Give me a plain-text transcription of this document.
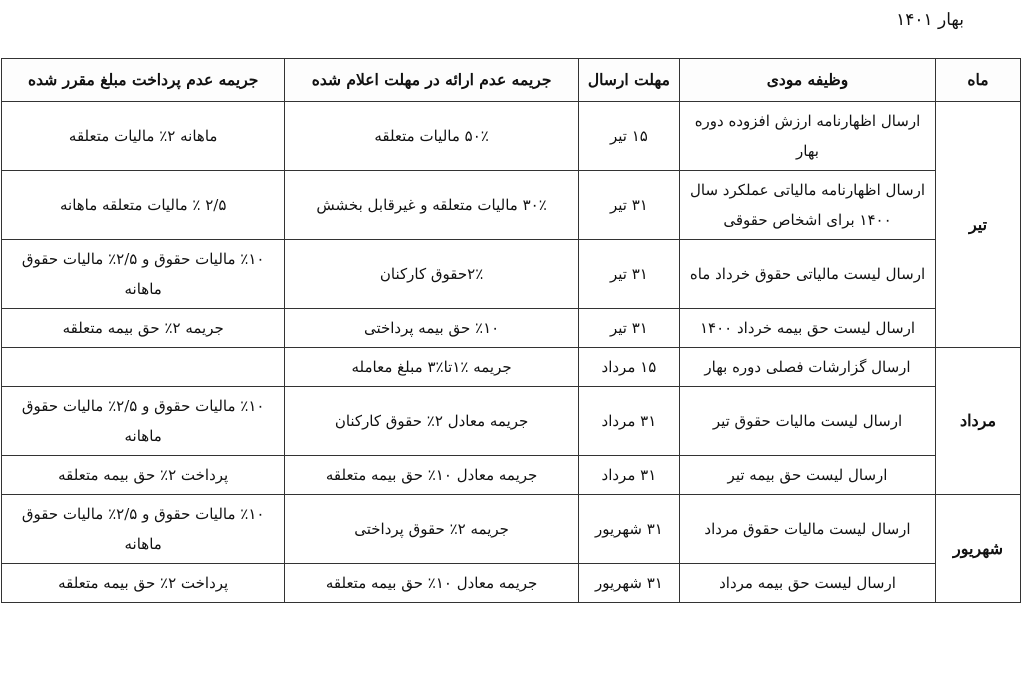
بهار ۱۴۰۱
ماه	وظیفه مودی	مهلت ارسال	جریمه عدم ارائه در مهلت اعلام شده	جریمه عدم پرداخت مبلغ مقرر شده
تیر	ارسال اظهارنامه ارزش افزوده دوره بهار	۱۵ تیر	۵۰٪ مالیات متعلقه	ماهانه ۲٪ مالیات متعلقه
	ارسال اظهارنامه مالیاتی عملکرد سال ۱۴۰۰ برای اشخاص حقوقی	۳۱ تیر	۳۰٪ مالیات متعلقه و غیرقابل بخشش	۲/۵ ٪ مالیات متعلقه ماهانه
	ارسال لیست مالیاتی حقوق خرداد ماه	۳۱ تیر	۲٪حقوق کارکنان	٪۱۰ مالیات حقوق و ۲/۵٪ مالیات حقوق ماهانه
	ارسال لیست حق بیمه خرداد ۱۴۰۰	۳۱ تیر	٪۱۰ حق بیمه پرداختی	جریمه ۲٪ حق بیمه متعلقه
مرداد	ارسال گزارشات فصلی دوره بهار	۱۵ مرداد	جریمه ٪۱تا٪۳ مبلغ معامله	
	ارسال لیست مالیات حقوق تیر	۳۱ مرداد	جریمه معادل ۲٪ حقوق کارکنان	٪۱۰ مالیات حقوق و ۲/۵٪ مالیات حقوق ماهانه
	ارسال لیست حق بیمه تیر	۳۱ مرداد	جریمه معادل ۱۰٪ حق بیمه متعلقه	پرداخت ۲٪ حق بیمه متعلقه
شهریور	ارسال لیست مالیات حقوق مرداد	۳۱ شهریور	جریمه ۲٪ حقوق پرداختی	٪۱۰ مالیات حقوق و ۲/۵٪ مالیات حقوق ماهانه
	ارسال لیست حق بیمه مرداد	۳۱ شهریور	جریمه معادل ۱۰٪ حق بیمه متعلقه	پرداخت ۲٪ حق بیمه متعلقه
